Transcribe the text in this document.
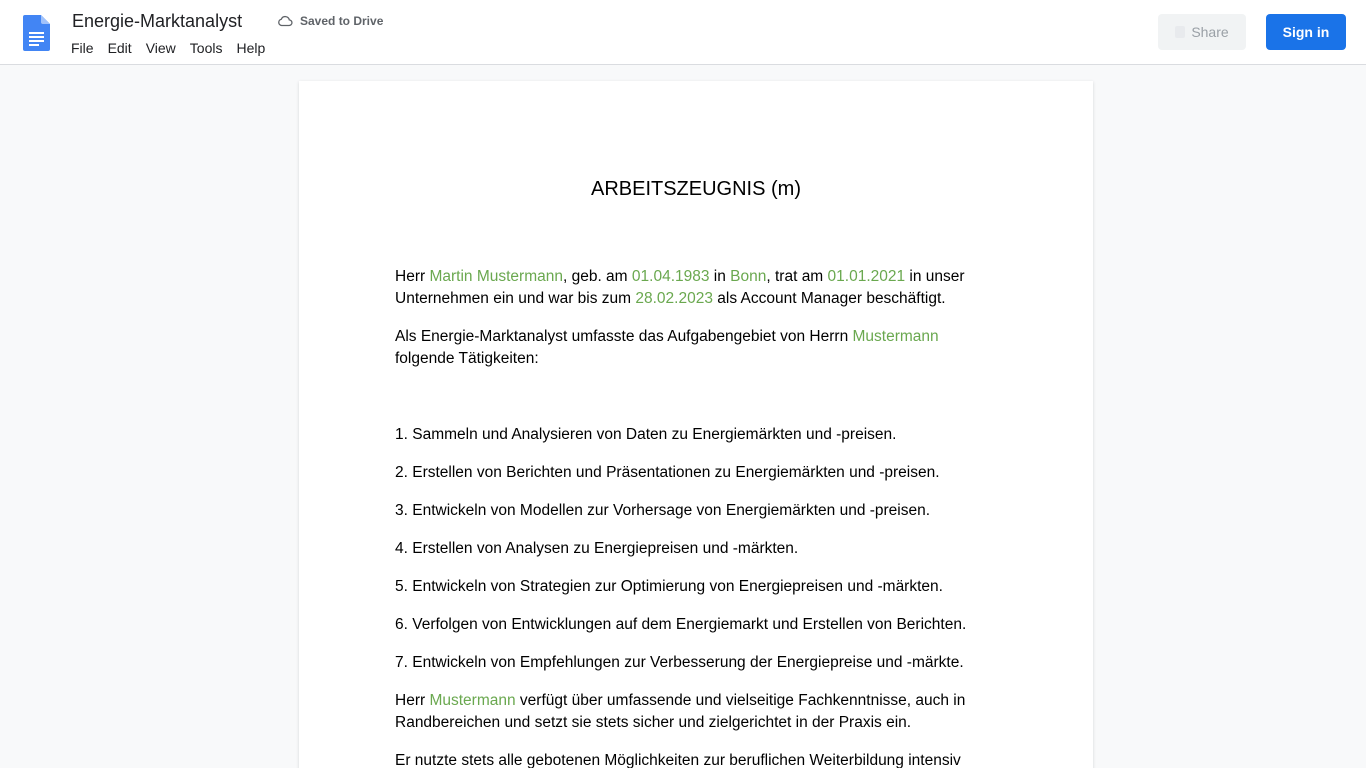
Energie-Marktanalyst	Saved to Drive
File	Edit	View	Tools	Help
Share	Sign in
ARBEITSZEUGNIS (m)

Herr Martin Mustermann, geb. am 01.04.1983 in Bonn, trat am 01.01.2021 in unser Unternehmen ein und war bis zum 28.02.2023 als Account Manager beschäftigt.

Als Energie-Marktanalyst umfasste das Aufgabengebiet von Herrn Mustermann folgende Tätigkeiten:

1. Sammeln und Analysieren von Daten zu Energiemärkten und -preisen.
2. Erstellen von Berichten und Präsentationen zu Energiemärkten und -preisen.
3. Entwickeln von Modellen zur Vorhersage von Energiemärkten und -preisen.
4. Erstellen von Analysen zu Energiepreisen und -märkten.
5. Entwickeln von Strategien zur Optimierung von Energiepreisen und -märkten.
6. Verfolgen von Entwicklungen auf dem Energiemarkt und Erstellen von Berichten.
7. Entwickeln von Empfehlungen zur Verbesserung der Energiepreise und -märkte.

Herr Mustermann verfügt über umfassende und vielseitige Fachkenntnisse, auch in Randbereichen und setzt sie stets sicher und zielgerichtet in der Praxis ein.

Er nutzte stets alle gebotenen Möglichkeiten zur beruflichen Weiterbildung intensiv
